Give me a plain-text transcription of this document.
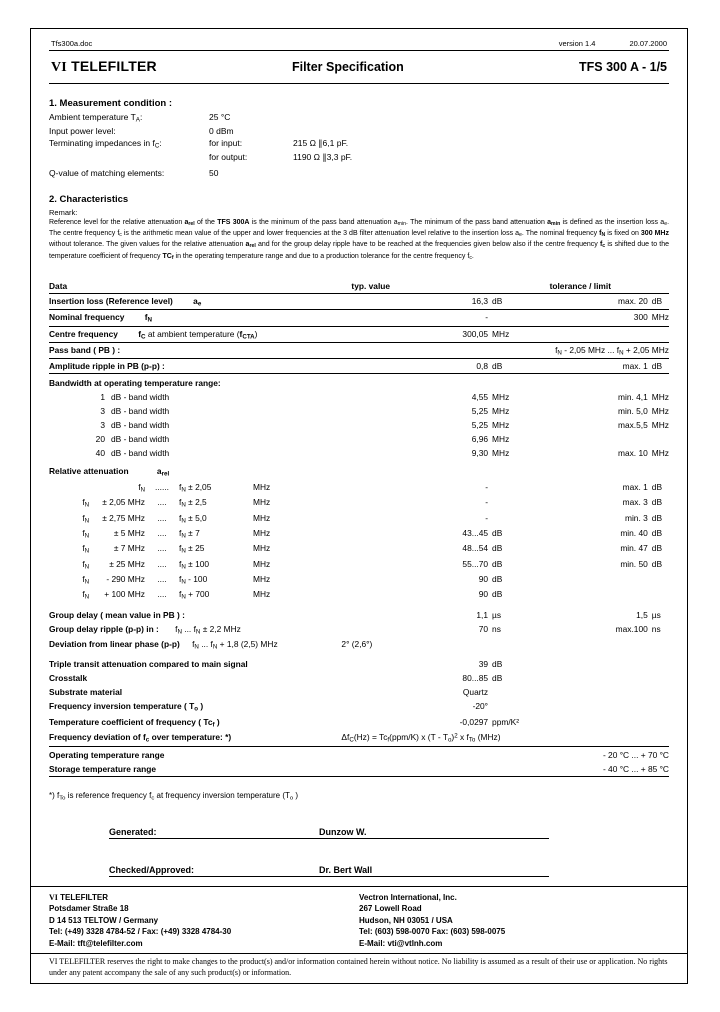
Tfs300a.doc	version 1.4	20.07.2000
VI TELEFILTER	Filter Specification	TFS 300 A - 1/5
1. Measurement condition :
Ambient temperature $T_A$:	25 °C
Input power level:	0 dBm
Terminating impedances in $f_C$:	for input:	215 Ω ∥6,1 pF.
for output:	1190 Ω ∥3,3 pF.
Q-value of matching elements:	50
2. Characteristics
Remark:
Reference level for the relative attenuation $a_{rel}$ of the TFS 300A is the minimum of the pass band attenuation $a_{min}$. The minimum of the pass band attenuation $a_{min}$ is defined as the insertion loss $a_e$. The centre frequency $f_c$ is the arithmetic mean value of the upper and lower frequencies at the 3 dB filter attenuation level relative to the insertion loss $a_e$. The nominal frequency $f_N$ is fixed on 300 MHz without tolerance. The given values for the relative attenuation $a_{rel}$ and for the group delay ripple have to be reached at the frequencies given below also if the centre frequency $f_c$ is shifted due to the temperature coefficient of frequency $TC_f$ in the operating temperature range and due to a production tolerance for the centre frequency $f_c$.
Data	typ. value		tolerance / limit	
Insertion loss (Reference level) $a_e$	16,3	dB	max. 20	dB
Nominal frequency $f_N$	-		300	MHz
Centre frequency $f_C$ at ambient temperature $(f_{CTA})$	300,05	MHz		
Pass band ( PB ) :			$f_N - 2,05$ MHz ... $f_N + 2,05$ MHz	
Amplitude ripple in PB (p-p) :	0,8	dB	max. 1	dB
Bandwidth at operating temperature range:				
1 dB - band width	4,55	MHz	min. 4,1	MHz
3 dB - band width	5,25	MHz	min. 5,0	MHz
3 dB - band width	5,25	MHz	max.5,5	MHz
20 dB - band width	6,96	MHz		
40 dB - band width	9,30	MHz	max. 10	MHz
Relative attenuation $a_{rel}$	
$f_N$ ...... $f_N \pm 2,05$ MHz	-		max. 1	dB
$f_N \pm 2,05$ MHz .... $f_N \pm 2,5$ MHz	-		max. 3	dB
$f_N \pm 2,75$ MHz .... $f_N \pm 5,0$ MHz	-		min. 3	dB
$f_N \pm 5$ MHz .... $f_N \pm 7$ MHz	43...45	dB	min. 40	dB
$f_N \pm 7$ MHz .... $f_N \pm 25$ MHz	48...54	dB	min. 47	dB
$f_N \pm 25$ MHz .... $f_N \pm 100$ MHz	55...70	dB	min. 50	dB
$f_N - 290$ MHz .... $f_N - 100$ MHz	90	dB		
$f_N + 100$ MHz .... $f_N + 700$ MHz	90	dB		
Group delay ( mean value in PB ) :	1,1	µs	1,5	µs
Group delay ripple (p-p) in : $f_N$ ... $f_N \pm 2,2$ MHz	70	ns	max.100	ns
Deviation from linear phase (p-p) $f_N$ ... $f_N + 1,8$ (2,5) MHz	2° (2,6°)			
Triple transit attenuation compared to main signal	39	dB		
Crosstalk	80...85	dB		
Substrate material	Quartz			
Frequency inversion temperature ( $T_o$ )	-20°			
Temperature coefficient of frequency ( $Tc_f$ )	-0,0297	ppm/K²		
Frequency deviation of $f_c$ over temperature: *)	$\Delta f_C(Hz) = Tc_f(ppm/K)$ x $(T - T_o)^2$ x $f_{To}$ (MHz)			
Operating temperature range	- 20 °C ... + 70 °C			
Storage temperature range	- 40 °C ... + 85 °C			
*) $f_{To}$ is reference frequency $f_c$ at frequency inversion temperature ($T_o$ )
Generated:	Dunzow W.
Checked/Approved:	Dr. Bert Wall
VI TELEFILTER
Potsdamer Straße 18
D 14 513 TELTOW / Germany
Tel: (+49) 3328 4784-52 / Fax: (+49) 3328 4784-30
E-Mail: tft@telefilter.com
Vectron International, Inc.
267 Lowell Road
Hudson, NH 03051 / USA
Tel: (603) 598-0070 Fax: (603) 598-0075
E-Mail: vti@vtlnh.com
VI TELEFILTER reserves the right to make changes to the product(s) and/or information contained herein without notice. No liability is assumed as a result of their use or application. No rights under any patent accompany the sale of any such product(s) or information.
